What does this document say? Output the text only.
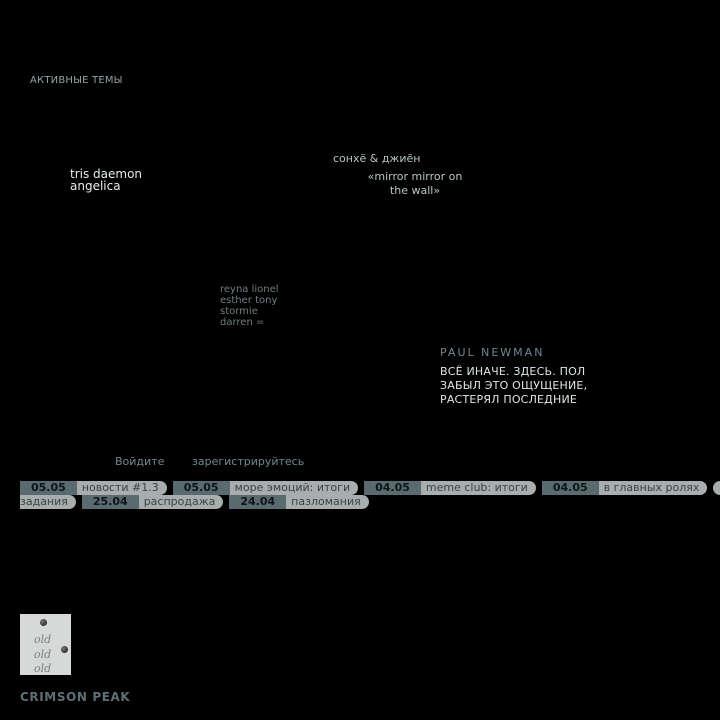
АКТИВНЫЕ ТЕМЫ
tris daemon
angelica
сонхё & джиён
«mirror mirror on the wall»
reyna lionel
esther tony
stormie
darren =
PAUL NEWMAN
ВСЁ ИНАЧЕ. ЗДЕСЬ. ПОЛ ЗАБЫЛ ЭТО ОЩУЩЕНИЕ, РАСТЕРЯЛ ПОСЛЕДНИЕ
Войдите	зарегистрируйтесь
05.05 новости #1.3 05.05 море эмоций: итоги 04.05 meme club: итоги 04.05 в главных ролях
задания 25.04 распродажа 24.04 пазломания
old
old
old
CRIMSON PEAK
